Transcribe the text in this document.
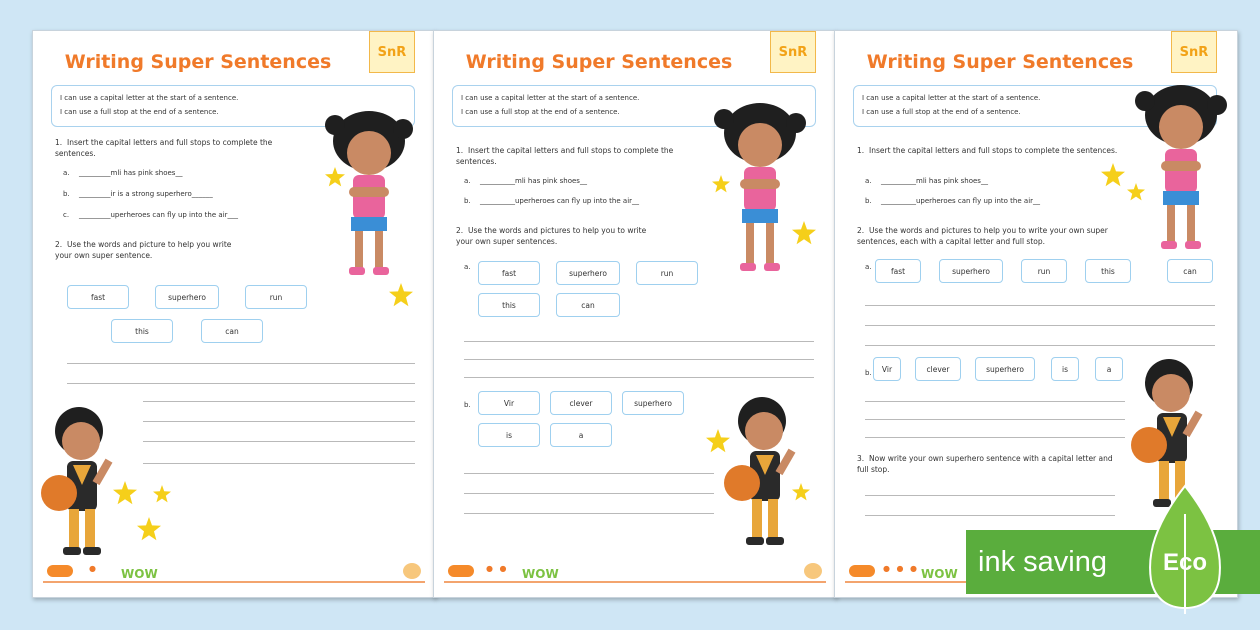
Writing Super Sentences	SnR
I can use a capital letter at the start of a sentence.
I can use a full stop at the end of a sentence.
1. Insert the capital letters and full stops to complete the sentences.
a. _________mli has pink shoes__
b. _________ir is a strong superhero______
c. _________uperheroes can fly up into the air___
2. Use the words and picture to help you write your own super sentence.
fast	superhero	run
this	can
● WOW
Writing Super Sentences	SnR
I can use a capital letter at the start of a sentence.
I can use a full stop at the end of a sentence.
1. Insert the capital letters and full stops to complete the sentences.
a. __________mli has pink shoes__
b. __________uperheroes can fly up into the air__
2. Use the words and pictures to help you to write your own super sentences.
a.
fast	superhero	run
this	can
b.	Vir	clever	superhero
is	a
● ● WOW
Writing Super Sentences	SnR
I can use a capital letter at the start of a sentence.
I can use a full stop at the end of a sentence.
1. Insert the capital letters and full stops to complete the sentences.
a. __________mli has pink shoes__
b. __________uperheroes can fly up into the air__
2. Use the words and pictures to help you to write your own super sentences, each with a capital letter and full stop.
a.	fast	superhero	run	this	can
b.	Vir	clever	superhero	is	a
3. Now write your own superhero sentence with a capital letter and full stop.
● ● ● WOW ink saving Eco
